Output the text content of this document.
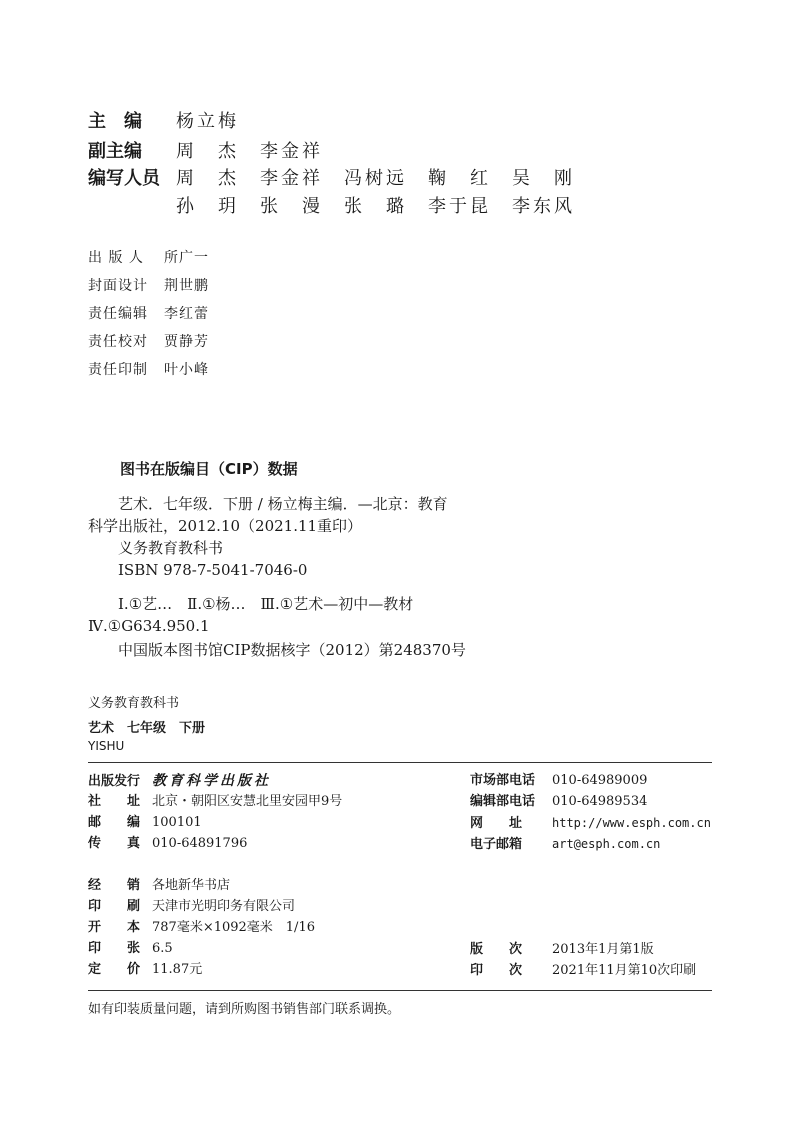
主　编 杨立梅
副主编 周　杰　李金祥
编写人员 周　杰　李金祥　冯树远　鞠　红　吴　刚
孙　玥　张　漫　张　璐　李于昆　李东风
出 版 人 所广一
封面设计 荆世鹏
责任编辑 李红蕾
责任校对 贾静芳
责任印制 叶小峰
图书在版编目（CIP）数据
艺术．七年级．下册 / 杨立梅主编．—北京：教育
科学出版社，2012.10（2021.11重印）
义务教育教科书
ISBN 978-7-5041-7046-0
Ⅰ.①艺…　Ⅱ.①杨…　Ⅲ.①艺术—初中—教材
Ⅳ.①G634.950.1
中国版本图书馆CIP数据核字（2012）第248370号
义务教育教科书
艺术　七年级　下册
YISHU
出版发行 教育科学出版社
社　　址 北京・朝阳区安慧北里安园甲9号
邮　　编 100101
传　　真 010-64891796
市场部电话 010-64989009
编辑部电话 010-64989534
网　　址 http://www.esph.com.cn
电子邮箱 art@esph.com.cn
经　　销 各地新华书店
印　　刷 天津市光明印务有限公司
开　　本 787毫米×1092毫米　1/16
印　　张 6.5
定　　价 11.87元
版　　次 2013年1月第1版
印　　次 2021年11月第10次印刷
如有印装质量问题，请到所购图书销售部门联系调换。
